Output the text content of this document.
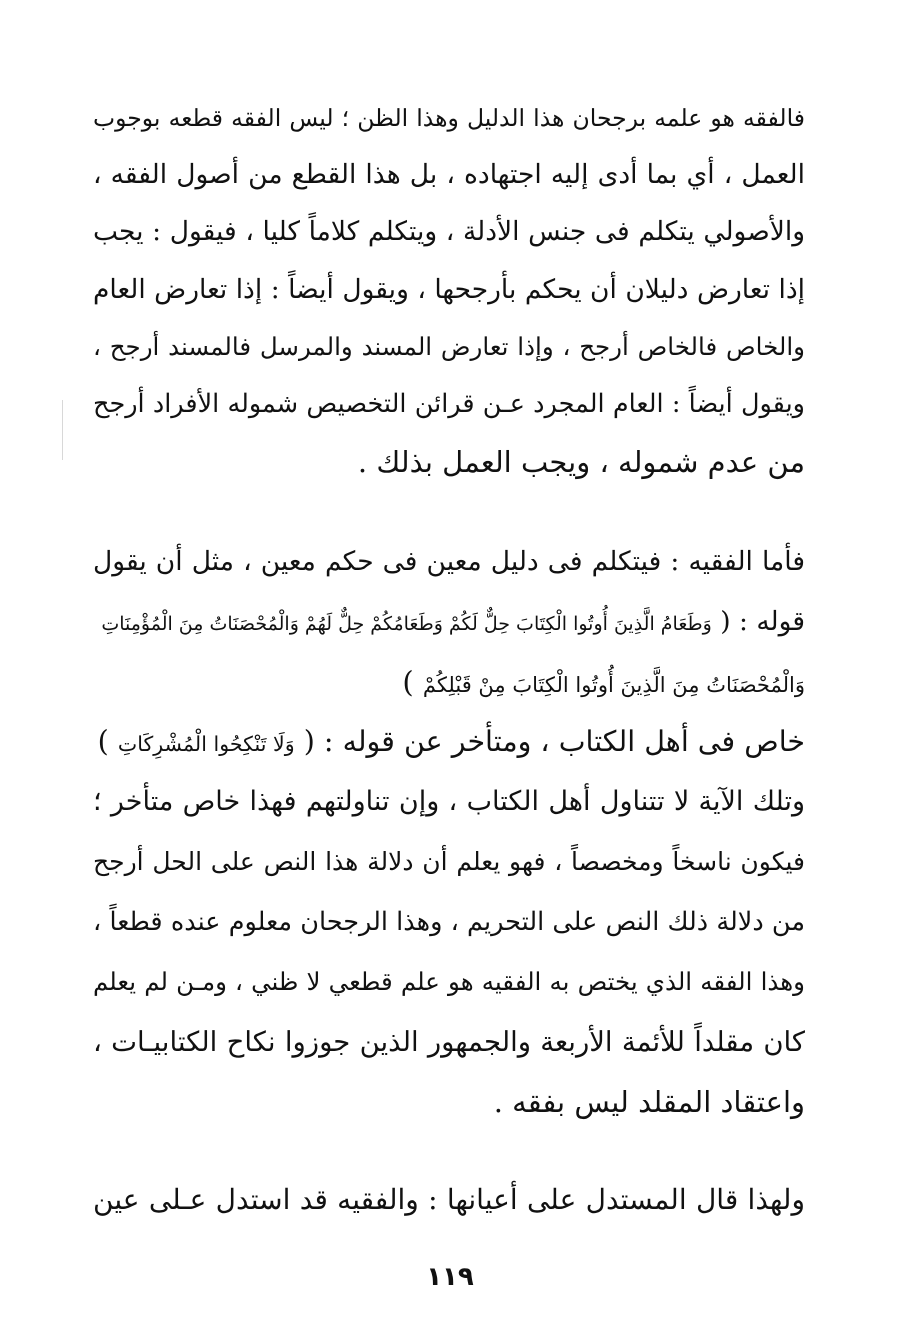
فالفقه هو علمه برجحان هذا الدليل وهذا الظن ؛ ليس الفقه قطعه بوجوب
العمل ، أي بما أدى إليه اجتهاده ، بل هذا القطع من أصول الفقه ،
والأصولي يتكلم فى جنس الأدلة ، ويتكلم كلاماً كليا ، فيقول : يجب
إذا تعارض دليلان أن يحكم بأرجحها ، ويقول أيضاً : إذا تعارض العام
والخاص فالخاص أرجح ، وإذا تعارض المسند والمرسل فالمسند أرجح ،
ويقول أيضاً : العام المجرد عـن قرائن التخصيص شموله الأفراد أرجح
من عدم شموله ، ويجب العمل بذلك .
فأما الفقيه : فيتكلم فى دليل معين فى حكم معين ، مثل أن يقول
قوله : ( وَطَعَامُ الَّذِينَ أُوتُوا الْكِتَابَ حِلٌّ لَكُمْ وَطَعَامُكُمْ حِلٌّ لَهُمْ وَالْمُحْصَنَاتُ مِنَ الْمُؤْمِنَاتِ
وَالْمُحْصَنَاتُ مِنَ الَّذِينَ أُوتُوا الْكِتَابَ مِنْ قَبْلِكُمْ )
خاص فى أهل الكتاب ، ومتأخر عن قوله : ( وَلَا تَنْكِحُوا الْمُشْرِكَاتِ )
وتلك الآية لا تتناول أهل الكتاب ، وإن تناولتهم فهذا خاص متأخر ؛
فيكون ناسخاً ومخصصاً ، فهو يعلم أن دلالة هذا النص على الحل أرجح
من دلالة ذلك النص على التحريم ، وهذا الرجحان معلوم عنده قطعاً ،
وهذا الفقه الذي يختص به الفقيه هو علم قطعي لا ظني ، ومـن لم يعلم
كان مقلداً للأئمة الأربعة والجمهور الذين جوزوا نكاح الكتابيـات ،
واعتقاد المقلد ليس بفقه .
ولهذا قال المستدل على أعيانها : والفقيه قد استدل عـلى عين
١١٩
